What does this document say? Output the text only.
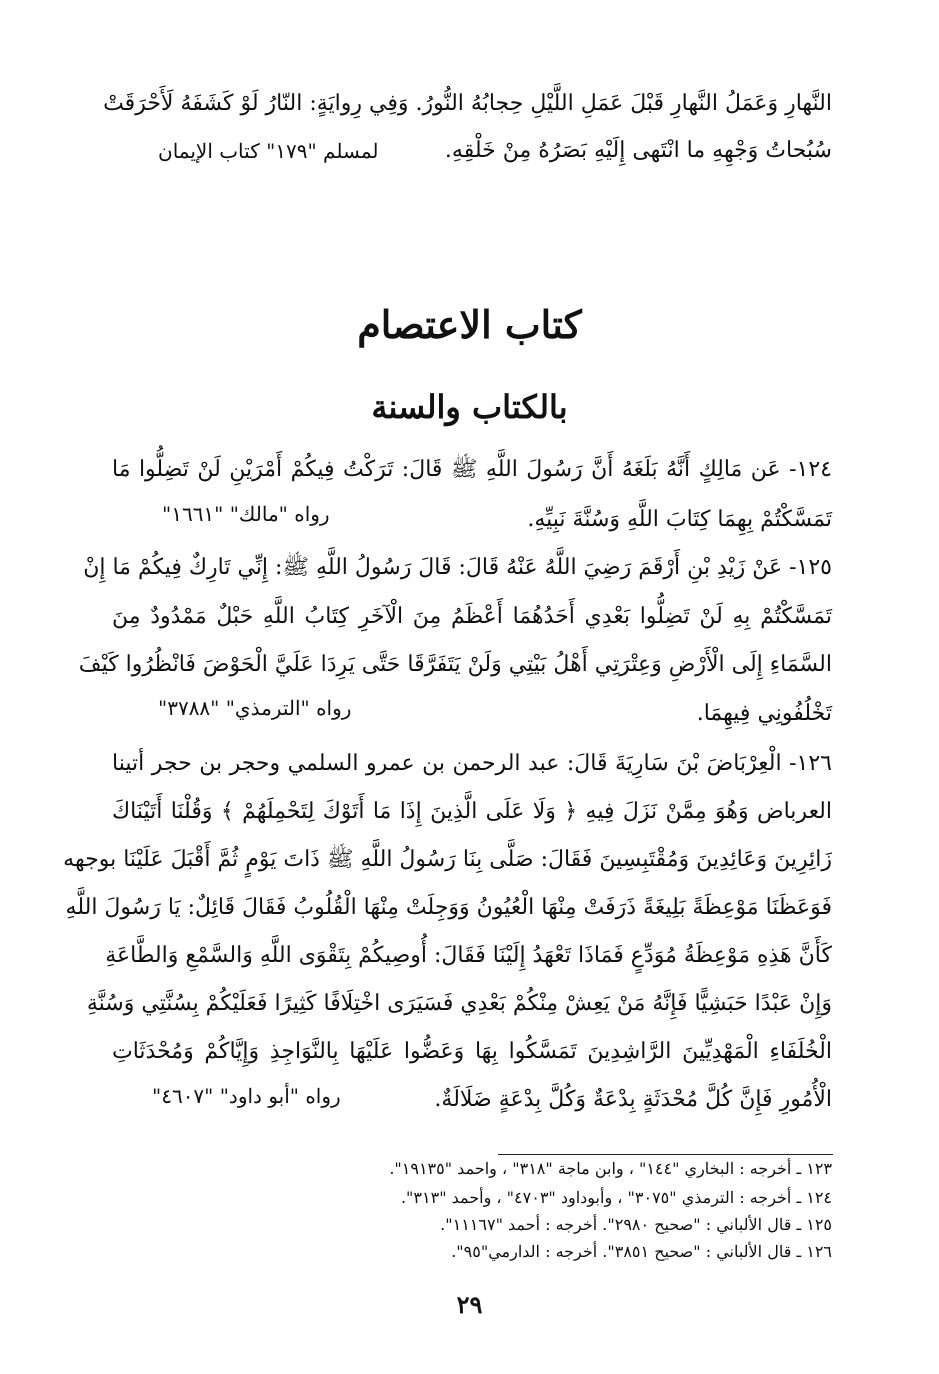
النَّهارِ وَعَمَلُ النَّهارِ قَبْلَ عَمَلِ اللَّيْلِ حِجابُهُ النُّورُ. وَفِي رِوايَةٍ: النّارُ لَوْ كَشَفَهُ لَأَحْرَقَتْ
سُبُحاتُ وَجْهِهِ ما انْتَهى إِلَيْهِ بَصَرُهُ مِنْ خَلْقِهِ.
لمسلم "١٧٩" كتاب الإيمان
كتاب الاعتصام
بالكتاب والسنة
١٢٤- عَن مَالِكٍ أَنَّهُ بَلَغَهُ أَنَّ رَسُولَ اللَّهِ ﷺ قَالَ: تَرَكْتُ فِيكُمْ أَمْرَيْنِ لَنْ تَضِلُّوا مَا
تَمَسَّكْتُمْ بِهِمَا كِتَابَ اللَّهِ وَسُنَّةَ نَبِيِّهِ.
رواه "مالك" "١٦٦١"
١٢٥- عَنْ زَيْدِ بْنِ أَرْقَمَ رَضِيَ اللَّهُ عَنْهُ قَالَ: قَالَ رَسُولُ اللَّهِ ﷺ: إِنِّي تَارِكٌ فِيكُمْ مَا إِنْ
تَمَسَّكْتُمْ بِهِ لَنْ تَضِلُّوا بَعْدِي أَحَدُهُمَا أَعْظَمُ مِنَ الْآخَرِ كِتَابُ اللَّهِ حَبْلٌ مَمْدُودٌ مِنَ
السَّمَاءِ إِلَى الْأَرْضِ وَعِتْرَتِي أَهْلُ بَيْتِي وَلَنْ يَتَفَرَّقَا حَتَّى يَرِدَا عَلَيَّ الْحَوْضَ فَانْظُرُوا كَيْفَ
تَخْلُفُونِي فِيهِمَا.
رواه "الترمذي" "٣٧٨٨"
١٢٦- الْعِرْبَاضَ بْنَ سَارِيَةَ قَالَ: عبد الرحمن بن عمرو السلمي وحجر بن حجر أتينا
العرباض وَهُوَ مِمَّنْ نَزَلَ فِيهِ ﴿ وَلَا عَلَى الَّذِينَ إِذَا مَا أَتَوْكَ لِتَحْمِلَهُمْ ﴾ وَقُلْنَا أَتَيْنَاكَ
زَائِرِينَ وَعَائِدِينَ وَمُقْتَبِسِينَ فَقَالَ: صَلَّى بِنَا رَسُولُ اللَّهِ ﷺ ذَاتَ يَوْمٍ ثُمَّ أَقْبَلَ عَلَيْنَا بوجهه
فَوَعَظَنَا مَوْعِظَةً بَلِيغَةً ذَرَفَتْ مِنْهَا الْعُيُونُ وَوَجِلَتْ مِنْهَا الْقُلُوبُ فَقَالَ قَائِلٌ: يَا رَسُولَ اللَّهِ
كَأَنَّ هَذِهِ مَوْعِظَةُ مُوَدِّعٍ فَمَاذَا تَعْهَدُ إِلَيْنَا فَقَالَ: أُوصِيكُمْ بِتَقْوَى اللَّهِ وَالسَّمْعِ وَالطَّاعَةِ
وَإِنْ عَبْدًا حَبَشِيًّا فَإِنَّهُ مَنْ يَعِشْ مِنْكُمْ بَعْدِي فَسَيَرَى اخْتِلَافًا كَثِيرًا فَعَلَيْكُمْ بِسُنَّتِي وَسُنَّةِ
الْخُلَفَاءِ الْمَهْدِيِّينَ الرَّاشِدِينَ تَمَسَّكُوا بِهَا وَعَضُّوا عَلَيْهَا بِالنَّوَاجِذِ وَإِيَّاكُمْ وَمُحْدَثَاتِ
الْأُمُورِ فَإِنَّ كُلَّ مُحْدَثَةٍ بِدْعَةٌ وَكُلَّ بِدْعَةٍ ضَلَالَةٌ.
رواه "أبو داود" "٤٦٠٧"
١٢٣ ـ أخرجه : البخاري "١٤٤" ، وابن ماجة "٣١٨" ، واحمد "١٩١٣٥".
١٢٤ ـ أخرجه : الترمذي "٣٠٧٥" ، وأبوداود "٤٧٠٣" ، وأحمد "٣١٣".
١٢٥ ـ قال الألباني : "صحيح ٢٩٨٠". أخرجه : أحمد "١١١٦٧".
١٢٦ ـ قال الألباني : "صحيح ٣٨٥١". أخرجه : الدارمي"٩٥".
٢٩
